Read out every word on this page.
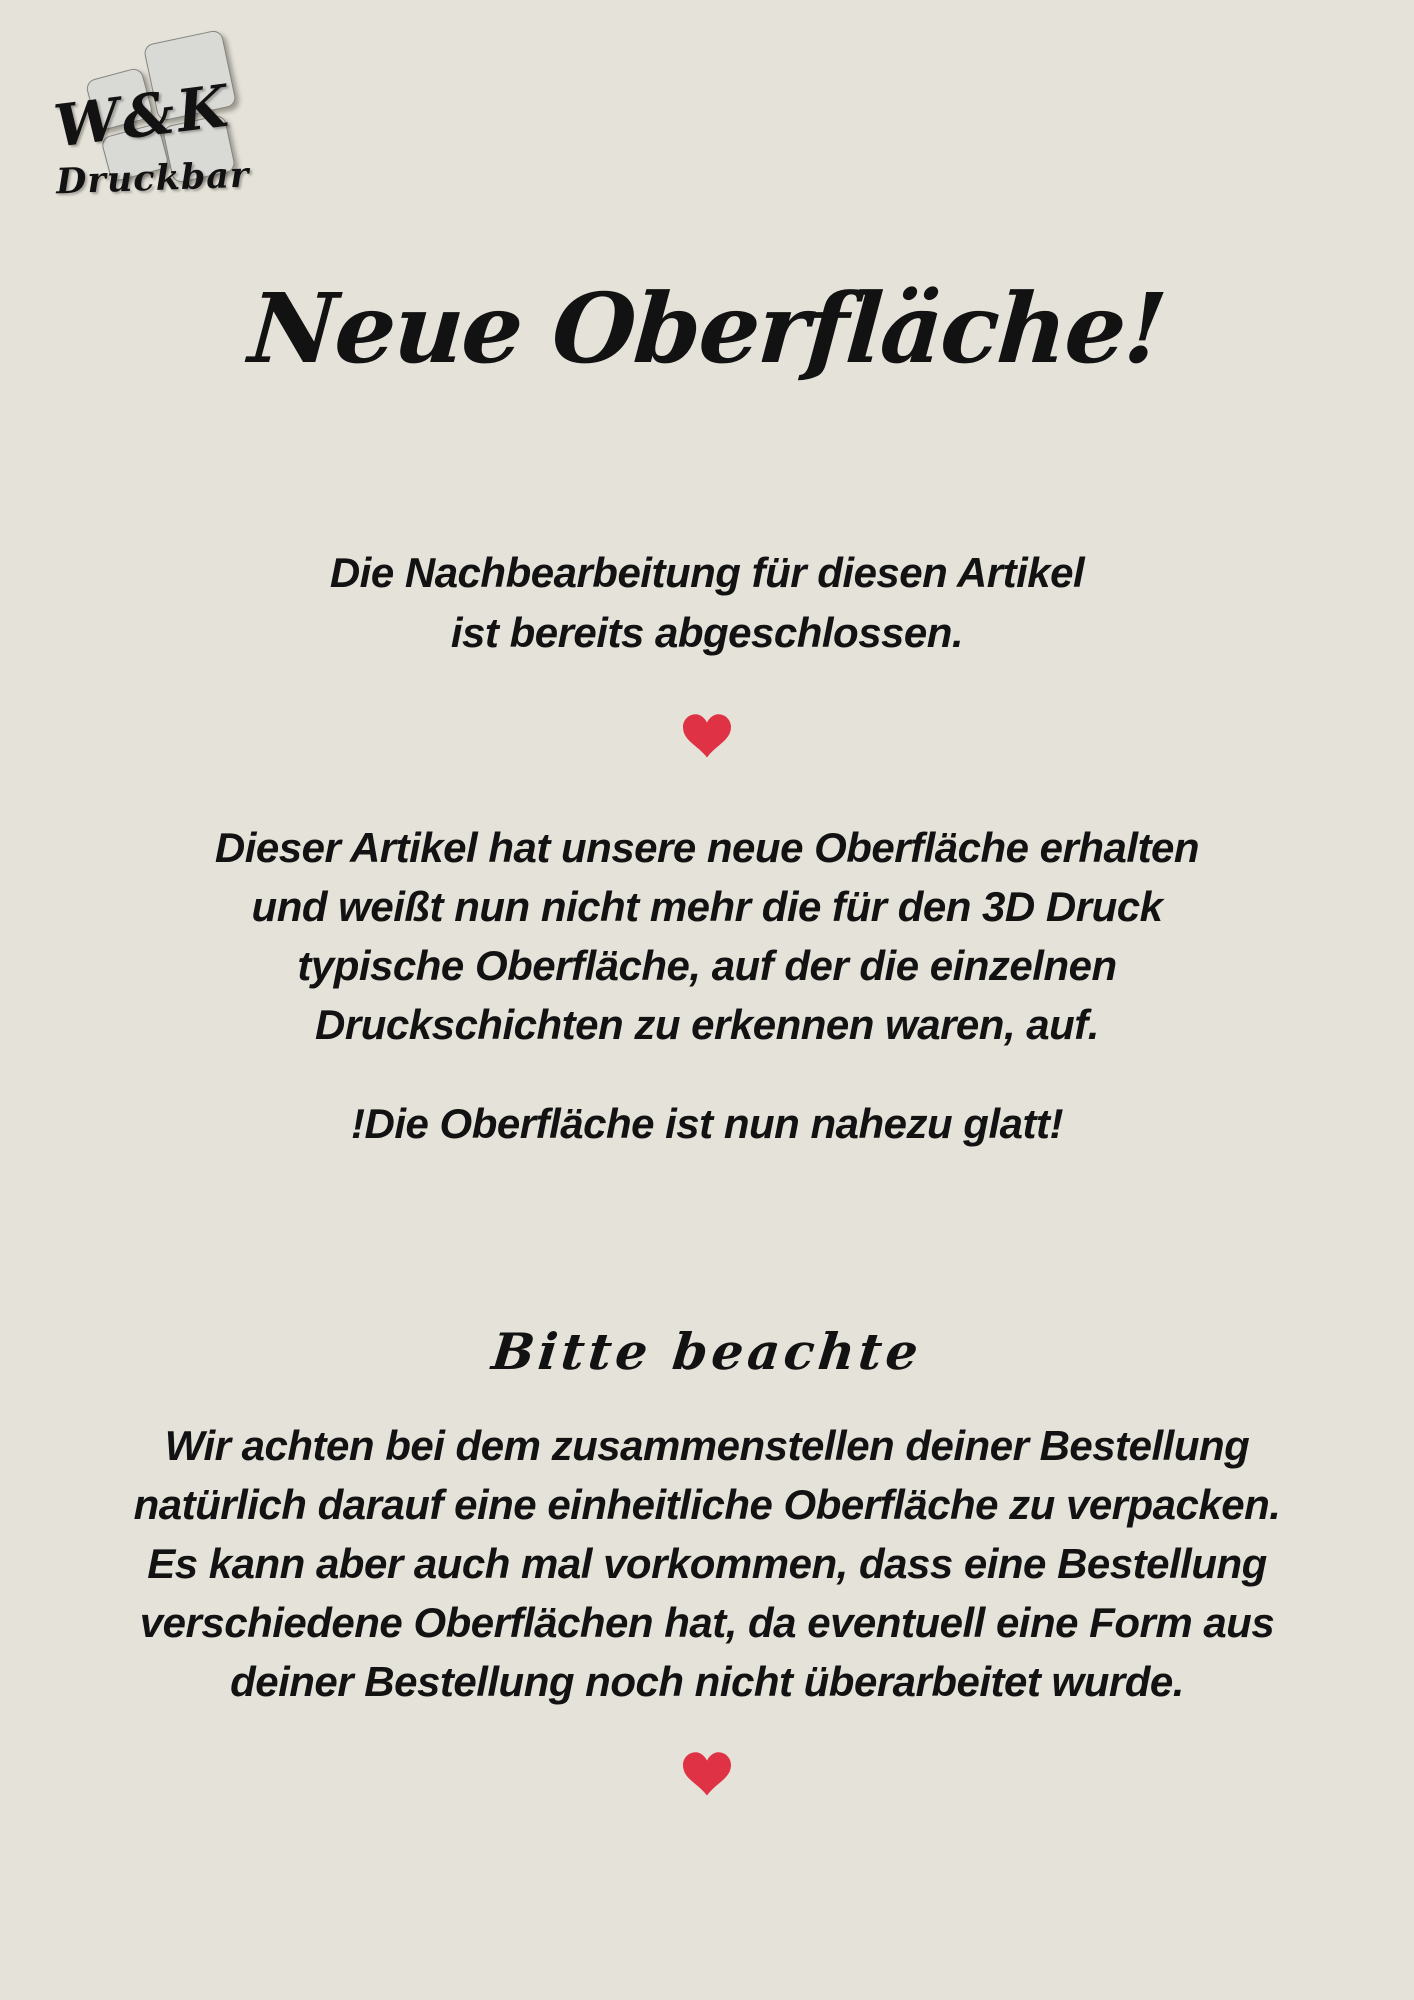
W&K
Druckbar
Neue Oberfläche!
Die Nachbearbeitung für diesen Artikel
ist bereits abgeschlossen.
Dieser Artikel hat unsere neue Oberfläche erhalten
und weißt nun nicht mehr die für den 3D Druck
typische Oberfläche, auf der die einzelnen
Druckschichten zu erkennen waren, auf.
!Die Oberfläche ist nun nahezu glatt!
Bitte beachte
Wir achten bei dem zusammenstellen deiner Bestellung
natürlich darauf eine einheitliche Oberfläche zu verpacken.
Es kann aber auch mal vorkommen, dass eine Bestellung
verschiedene Oberflächen hat, da eventuell eine Form aus
deiner Bestellung noch nicht überarbeitet wurde.
